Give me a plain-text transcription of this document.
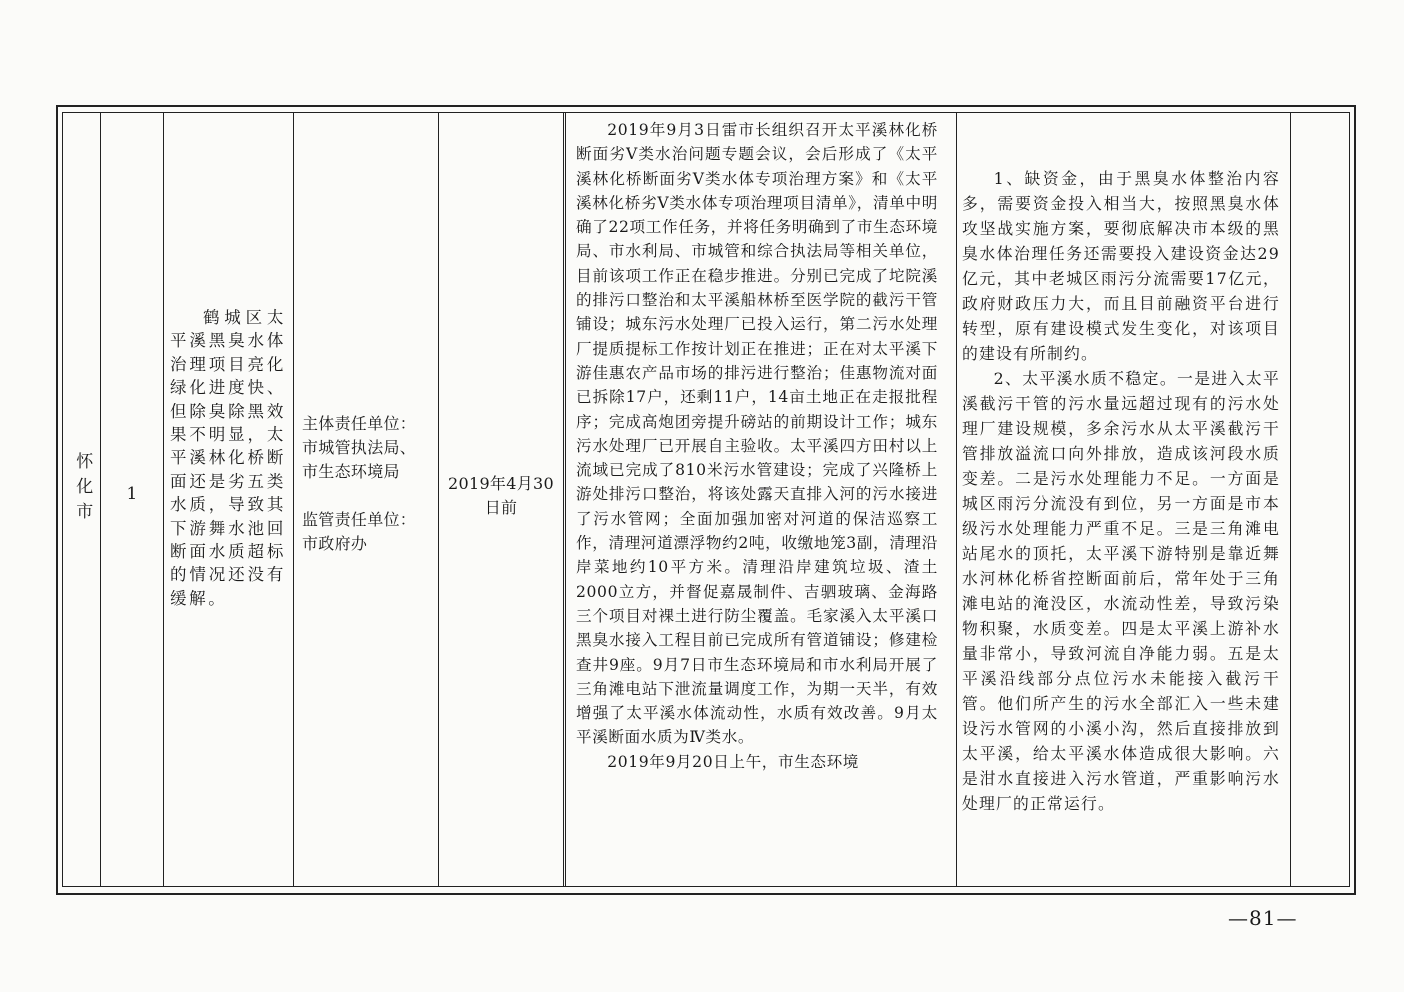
怀化市	1

鹤城区太平溪黑臭水体治理项目亮化绿化进度快、但除臭除黑效果不明显，太平溪林化桥断面还是劣五类水质，导致其下游舞水池回断面水质超标的情况还没有缓解。

主体责任单位：市城管执法局、市生态环境局

监管责任单位：市政府办

2019年4月30日前

2019年9月3日雷市长组织召开太平溪林化桥断面劣Ⅴ类水治问题专题会议，会后形成了《太平溪林化桥断面劣Ⅴ类水体专项治理方案》和《太平溪林化桥劣Ⅴ类水体专项治理项目清单》，清单中明确了22项工作任务，并将任务明确到了市生态环境局、市水利局、市城管和综合执法局等相关单位，目前该项工作正在稳步推进。分别已完成了坨院溪的排污口整治和太平溪船林桥至医学院的截污干管铺设；城东污水处理厂已投入运行，第二污水处理厂提质提标工作按计划正在推进；正在对太平溪下游佳惠农产品市场的排污进行整治；佳惠物流对面已拆除17户，还剩11户，14亩土地正在走报批程序；完成高炮团旁提升磅站的前期设计工作；城东污水处理厂已开展自主验收。太平溪四方田村以上流域已完成了810米污水管建设；完成了兴隆桥上游处排污口整治，将该处露天直排入河的污水接进了污水管网；全面加强加密对河道的保洁巡察工作，清理河道漂浮物约2吨，收缴地笼3副，清理沿岸菜地约10平方米。清理沿岸建筑垃圾、渣土2000立方，并督促嘉晟制件、吉驷玻璃、金海路三个项目对裸土进行防尘覆盖。毛家溪入太平溪口黑臭水接入工程目前已完成所有管道铺设；修建检查井9座。9月7日市生态环境局和市水利局开展了三角滩电站下泄流量调度工作，为期一天半，有效增强了太平溪水体流动性，水质有效改善。9月太平溪断面水质为Ⅳ类水。

2019年9月20日上午，市生态环境

1、缺资金，由于黑臭水体整治内容多，需要资金投入相当大，按照黑臭水体攻坚战实施方案，要彻底解决市本级的黑臭水体治理任务还需要投入建设资金达29亿元，其中老城区雨污分流需要17亿元，政府财政压力大，而且目前融资平台进行转型，原有建设模式发生变化，对该项目的建设有所制约。

2、太平溪水质不稳定。一是进入太平溪截污干管的污水量远超过现有的污水处理厂建设规模，多余污水从太平溪截污干管排放溢流口向外排放，造成该河段水质变差。二是污水处理能力不足。一方面是城区雨污分流没有到位，另一方面是市本级污水处理能力严重不足。三是三角滩电站尾水的顶托，太平溪下游特别是靠近舞水河林化桥省控断面前后，常年处于三角滩电站的淹没区，水流动性差，导致污染物积聚，水质变差。四是太平溪上游补水量非常小，导致河流自净能力弱。五是太平溪沿线部分点位污水未能接入截污干管。他们所产生的污水全部汇入一些未建设污水管网的小溪小沟，然后直接排放到太平溪，给太平溪水体造成很大影响。六是泔水直接进入污水管道，严重影响污水处理厂的正常运行。

—81—
